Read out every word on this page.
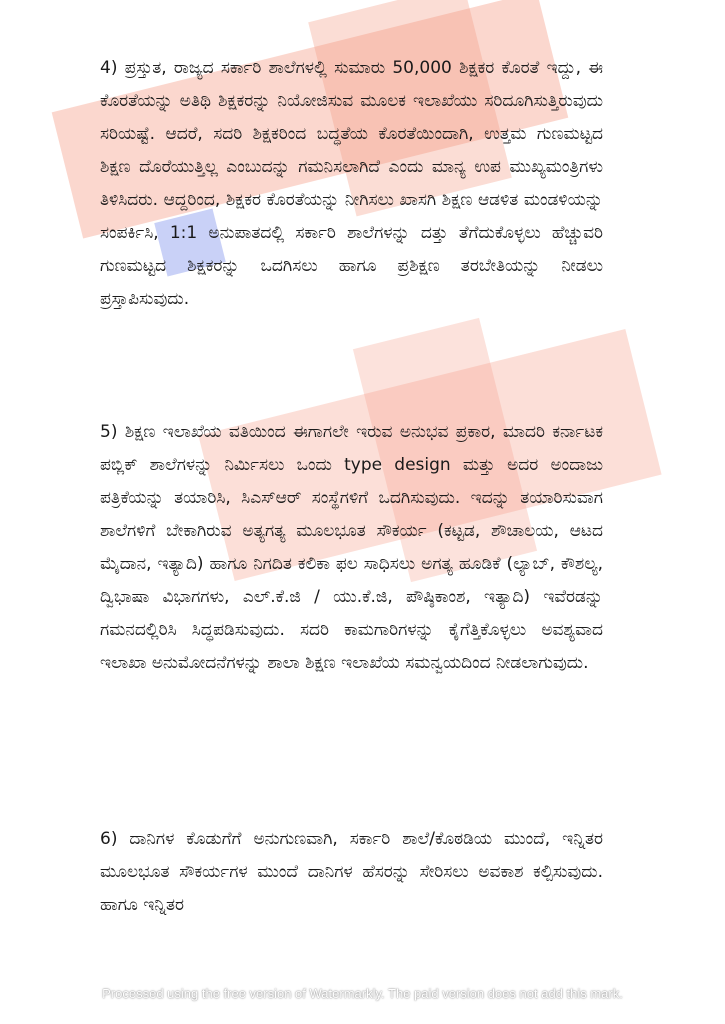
4) ಪ್ರಸ್ತುತ, ರಾಜ್ಯದ ಸರ್ಕಾರಿ ಶಾಲೆಗಳಲ್ಲಿ ಸುಮಾರು 50,000 ಶಿಕ್ಷಕರ ಕೊರತೆ ಇದ್ದು, ಈ ಕೊರತೆಯನ್ನು ಅತಿಥಿ ಶಿಕ್ಷಕರನ್ನು ನಿಯೋಜಿಸುವ ಮೂಲಕ ಇಲಾಖೆಯು ಸರಿದೂಗಿಸುತ್ತಿರುವುದು ಸರಿಯಷ್ಟೆ. ಆದರೆ, ಸದರಿ ಶಿಕ್ಷಕರಿಂದ ಬದ್ಧತೆಯ ಕೊರತೆಯಿಂದಾಗಿ, ಉತ್ತಮ ಗುಣಮಟ್ಟದ ಶಿಕ್ಷಣ ದೊರೆಯುತ್ತಿಲ್ಲ ಎಂಬುದನ್ನು ಗಮನಿಸಲಾಗಿದೆ ಎಂದು ಮಾನ್ಯ ಉಪ ಮುಖ್ಯಮಂತ್ರಿಗಳು ತಿಳಿಸಿದರು. ಆದ್ದರಿಂದ, ಶಿಕ್ಷಕರ ಕೊರತೆಯನ್ನು ನೀಗಿಸಲು ಖಾಸಗಿ ಶಿಕ್ಷಣ ಆಡಳಿತ ಮಂಡಳಿಯನ್ನು ಸಂಪರ್ಕಿಸಿ, 1:1 ಅನುಪಾತದಲ್ಲಿ ಸರ್ಕಾರಿ ಶಾಲೆಗಳನ್ನು ದತ್ತು ತೆಗೆದುಕೊಳ್ಳಲು ಹೆಚ್ಚುವರಿ ಗುಣಮಟ್ಟದ ಶಿಕ್ಷಕರನ್ನು ಒದಗಿಸಲು ಹಾಗೂ ಪ್ರಶಿಕ್ಷಣ ತರಬೇತಿಯನ್ನು ನೀಡಲು ಪ್ರಸ್ತಾಪಿಸುವುದು.

5) ಶಿಕ್ಷಣ ಇಲಾಖೆಯ ವತಿಯಿಂದ ಈಗಾಗಲೇ ಇರುವ ಅನುಭವ ಪ್ರಕಾರ, ಮಾದರಿ ಕರ್ನಾಟಕ ಪಬ್ಲಿಕ್ ಶಾಲೆಗಳನ್ನು ನಿರ್ಮಿಸಲು ಒಂದು type design ಮತ್ತು ಅದರ ಅಂದಾಜು ಪತ್ರಿಕೆಯನ್ನು ತಯಾರಿಸಿ, ಸಿಎಸ್‌ಆರ್ ಸಂಸ್ಥೆಗಳಿಗೆ ಒದಗಿಸುವುದು. ಇದನ್ನು ತಯಾರಿಸುವಾಗ ಶಾಲೆಗಳಿಗೆ ಬೇಕಾಗಿರುವ ಅತ್ಯಗತ್ಯ ಮೂಲಭೂತ ಸೌಕರ್ಯ (ಕಟ್ಟಡ, ಶೌಚಾಲಯ, ಆಟದ ಮೈದಾನ, ಇತ್ಯಾದಿ) ಹಾಗೂ ನಿಗದಿತ ಕಲಿಕಾ ಫಲ ಸಾಧಿಸಲು ಅಗತ್ಯ ಹೂಡಿಕೆ (ಲ್ಯಾಬ್, ಕೌಶಲ್ಯ, ದ್ವಿಭಾಷಾ ವಿಭಾಗಗಳು, ಎಲ್.ಕೆ.ಜಿ / ಯು.ಕೆ.ಜಿ, ಪೌಷ್ಠಿಕಾಂಶ, ಇತ್ಯಾದಿ) ಇವೆರಡನ್ನು ಗಮನದಲ್ಲಿರಿಸಿ ಸಿದ್ಧಪಡಿಸುವುದು. ಸದರಿ ಕಾಮಗಾರಿಗಳನ್ನು ಕೈಗೆತ್ತಿಕೊಳ್ಳಲು ಅವಶ್ಯವಾದ ಇಲಾಖಾ ಅನುಮೋದನೆಗಳನ್ನು ಶಾಲಾ ಶಿಕ್ಷಣ ಇಲಾಖೆಯ ಸಮನ್ವಯದಿಂದ ನೀಡಲಾಗುವುದು.

6) ದಾನಿಗಳ ಕೊಡುಗೆಗೆ ಅನುಗುಣವಾಗಿ, ಸರ್ಕಾರಿ ಶಾಲೆ/ಕೊಠಡಿಯ ಮುಂದೆ, ಇನ್ನಿತರ ಮೂಲಭೂತ ಸೌಕರ್ಯಗಳ ಮುಂದೆ ದಾನಿಗಳ ಹೆಸರನ್ನು ಸೇರಿಸಲು ಅವಕಾಶ ಕಲ್ಪಿಸುವುದು. ಹಾಗೂ ಇನ್ನಿತರ

Processed using the free version of Watermarkly. The paid version does not add this mark.
